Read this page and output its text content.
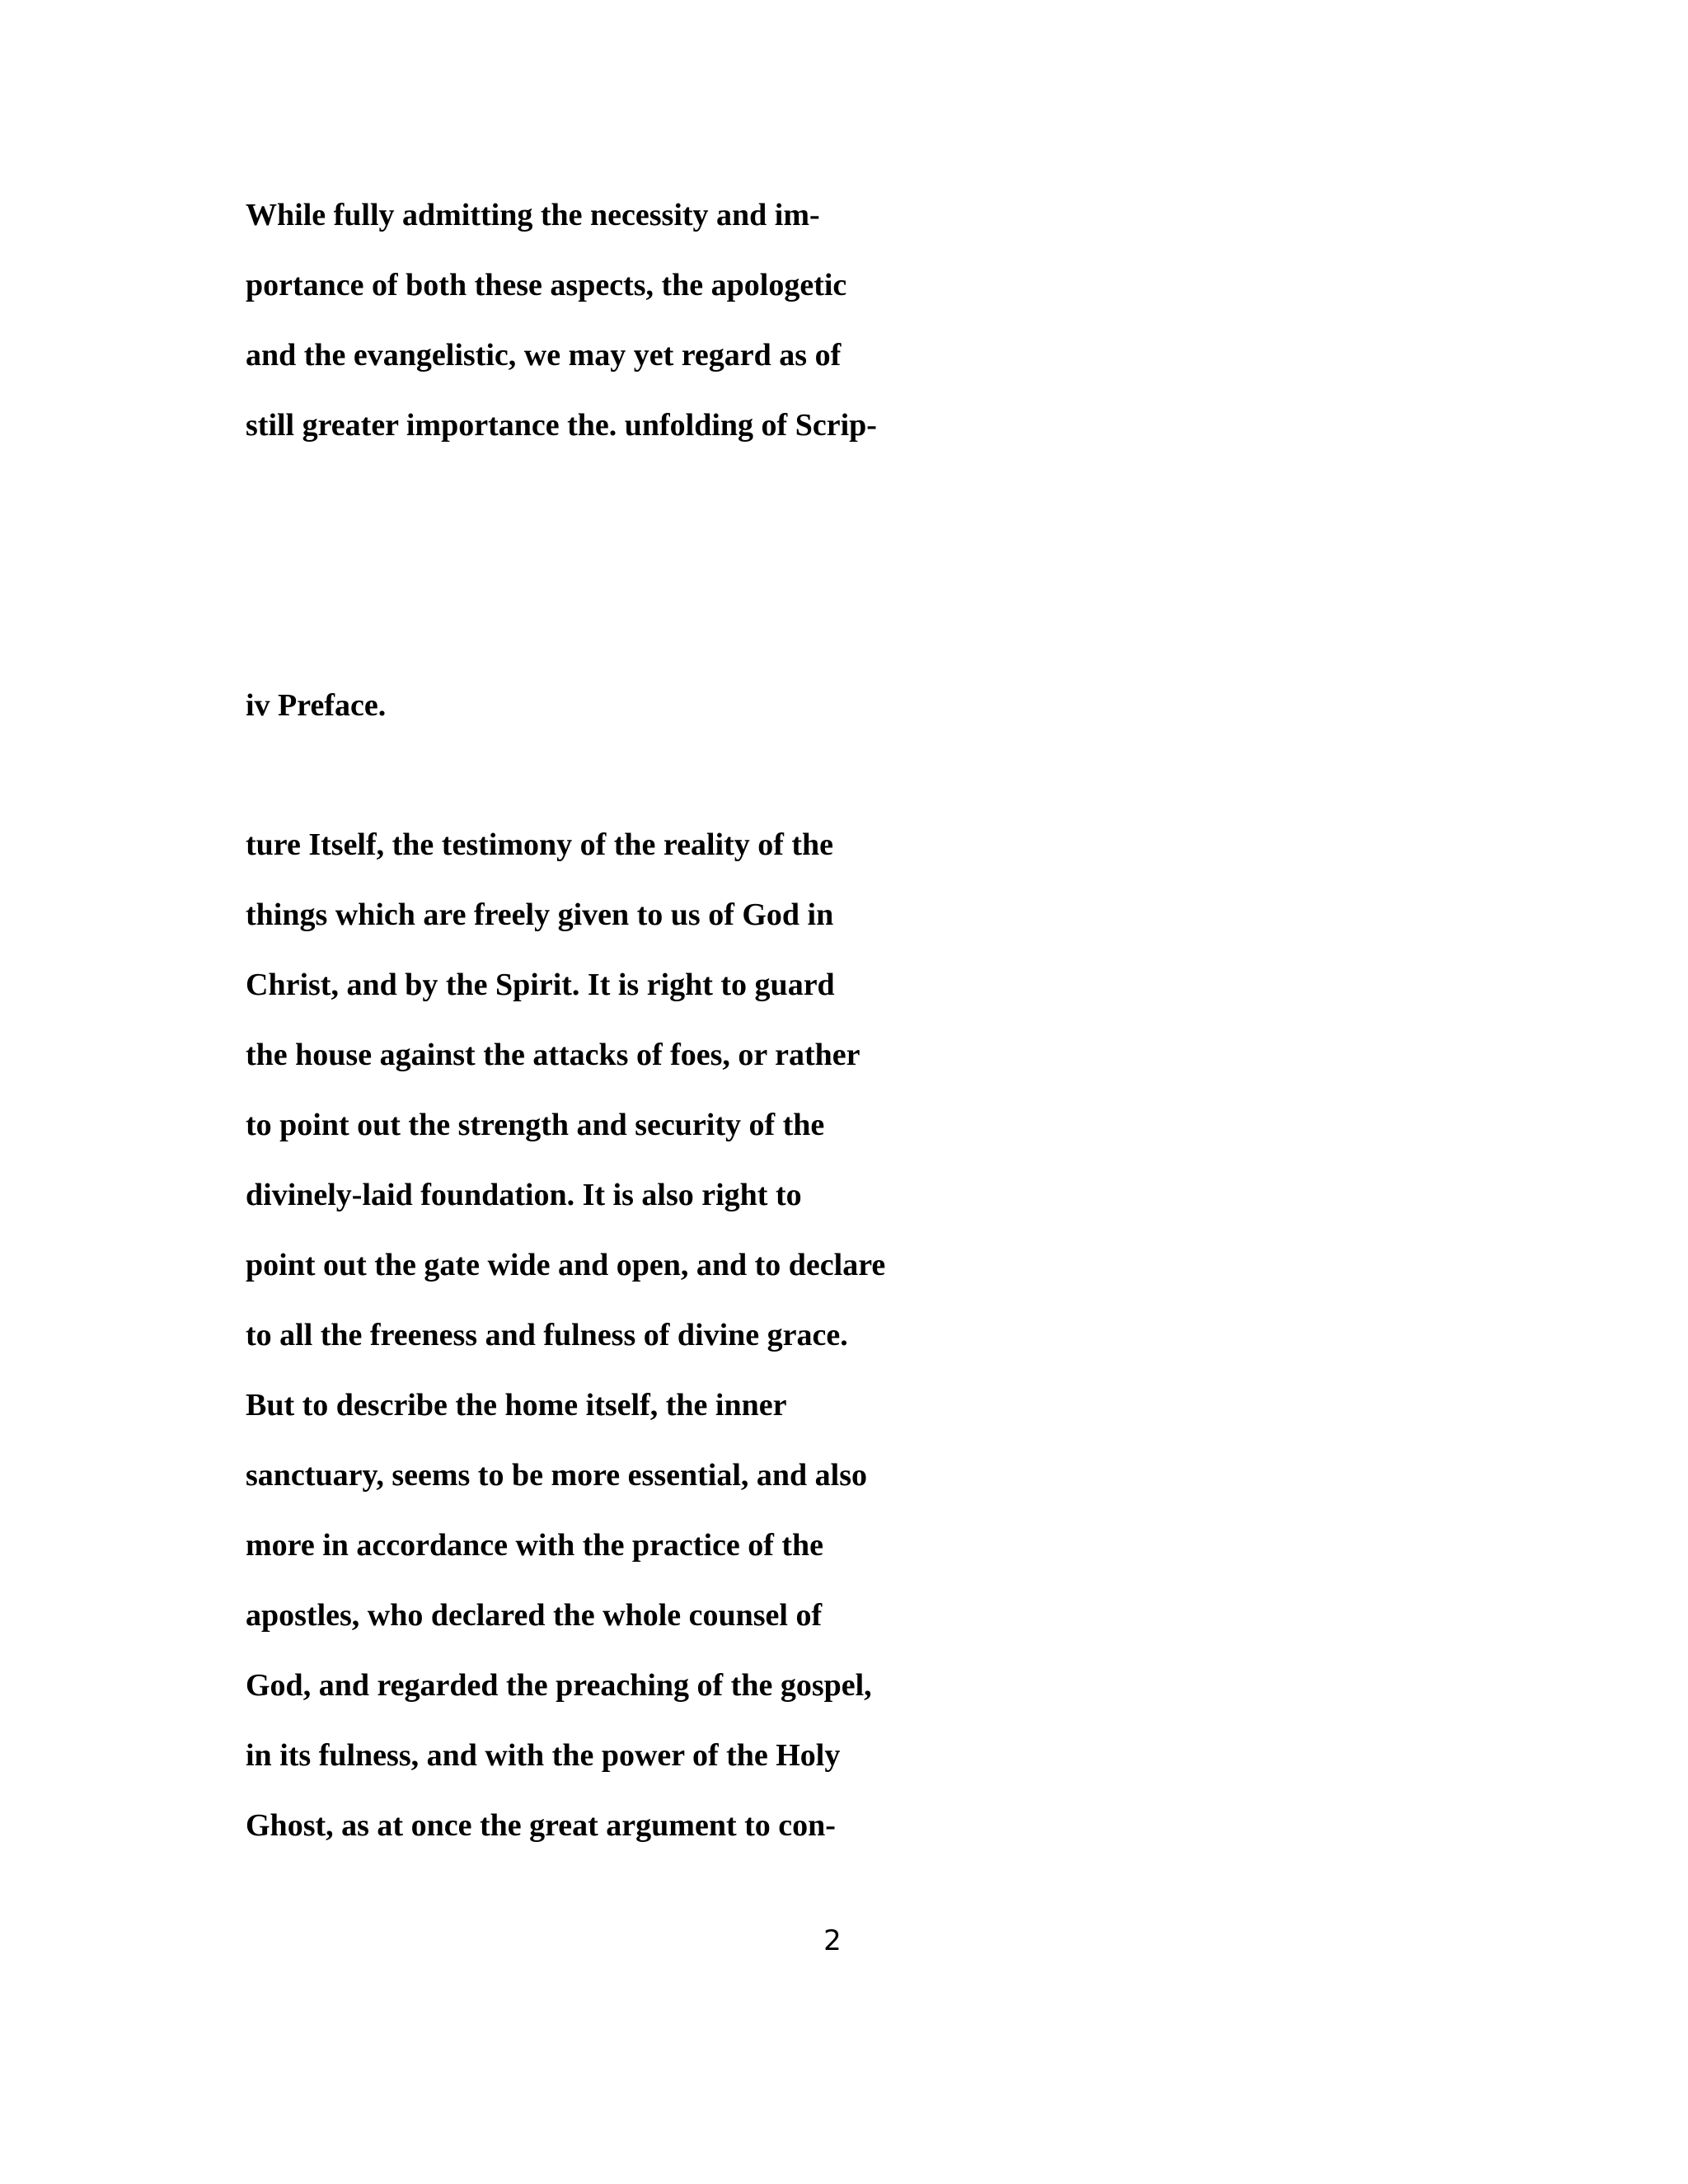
While fully admitting the necessity and im-

portance of both these aspects, the apologetic

and the evangelistic, we may yet regard as of

still greater importance the. unfolding of Scrip-

iv Preface.

ture Itself, the testimony of the reality of the

things which are freely given to us of God in

Christ, and by the Spirit. It is right to guard

the house against the attacks of foes, or rather

to point out the strength and security of the

divinely-laid foundation. It is also right to

point out the gate wide and open, and to declare

to all the freeness and fulness of divine grace.

But to describe the home itself, the inner

sanctuary, seems to be more essential, and also

more in accordance with the practice of the

apostles, who declared the whole counsel of

God, and regarded the preaching of the gospel,

in its fulness, and with the power of the Holy

Ghost, as at once the great argument to con-

2
